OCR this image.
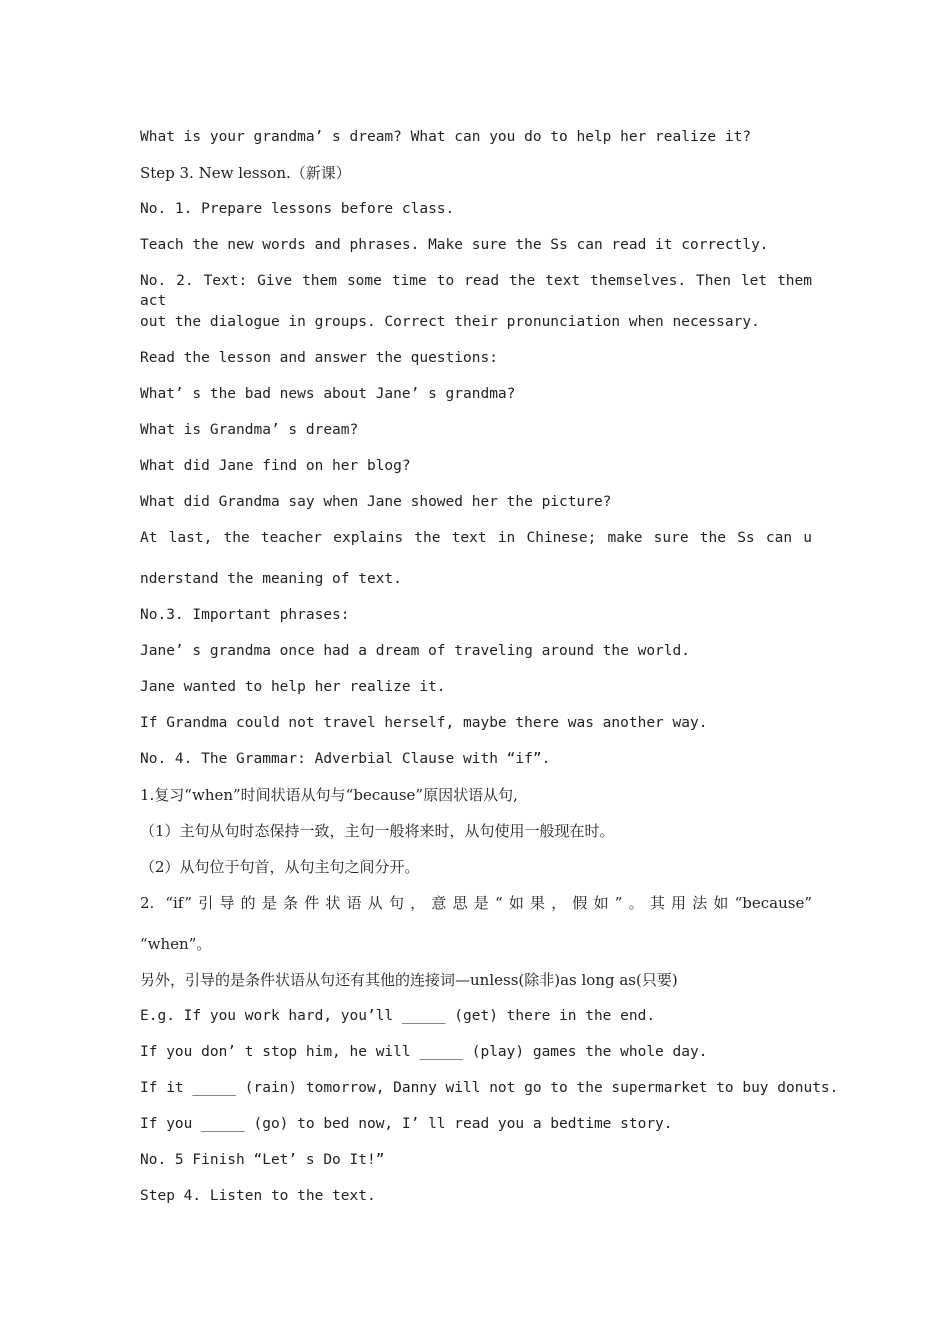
What is your grandma’ s dream? What can you do to help her realize it?
Step 3. New lesson.（新课）
No. 1. Prepare lessons before class.
Teach the new words and phrases. Make sure the Ss can read it correctly.
No. 2. Text: Give them some time to read the text themselves. Then let them act
out the dialogue in groups. Correct their pronunciation when necessary.
Read the lesson and answer the questions:
What’ s the bad news about Jane’ s grandma?
What is Grandma’ s dream?
What did Jane find on her blog?
What did Grandma say when Jane showed her the picture?
At last, the teacher explains the text in Chinese; make sure the Ss can u
nderstand the meaning of text.
No.3. Important phrases:
Jane’ s grandma once had a dream of traveling around the world.
Jane wanted to help her realize it.
If Grandma could not travel herself, maybe there was another way.
No. 4. The Grammar: Adverbial Clause with “if”.
1.复习“when”时间状语从句与“because”原因状语从句,
（1）主句从句时态保持一致，主句一般将来时，从句使用一般现在时。
（2）从句位于句首，从句主句之间分开。
2. “if”引导的是条件状语从句，意思是“如果，假如”。其用法如“because”
“when”。
另外，引导的是条件状语从句还有其他的连接词—unless(除非)as long as(只要)
E.g. If you work hard, you’ll _____ (get) there in the end.
If you don’ t stop him, he will _____ (play) games the whole day.
If it _____ (rain) tomorrow, Danny will not go to the supermarket to buy donuts.
If you _____ (go) to bed now, I’ ll read you a bedtime story.
No. 5 Finish “Let’ s Do It!”
Step 4. Listen to the text.
